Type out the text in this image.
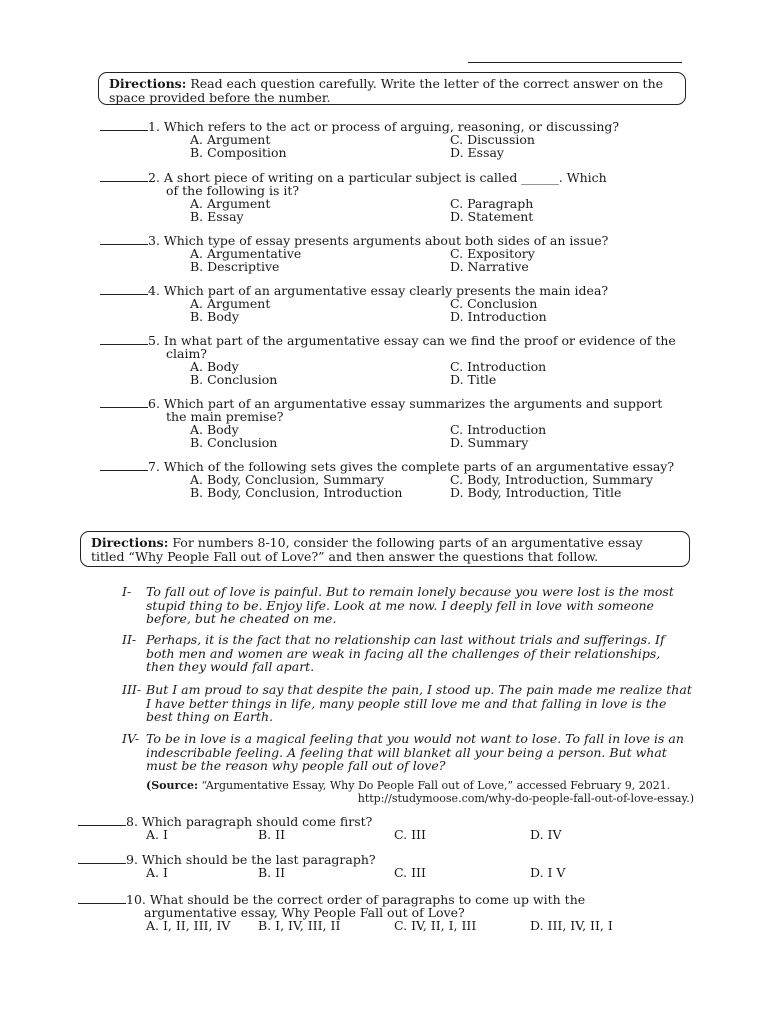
Directions: Read each question carefully. Write the letter of the correct answer on the space provided before the number.
1. Which refers to the act or process of arguing, reasoning, or discussing?
A. Argument
B. Composition
C. Discussion
D. Essay
2. A short piece of writing on a particular subject is called ______. Which
of the following is it?
A. Argument
B. Essay
C. Paragraph
D. Statement
3. Which type of essay presents arguments about both sides of an issue?
A. Argumentative
B. Descriptive
C. Expository
D. Narrative
4. Which part of an argumentative essay clearly presents the main idea?
A. Argument
B. Body
C. Conclusion
D. Introduction
5. In what part of the argumentative essay can we find the proof or evidence of the
claim?
A. Body
B. Conclusion
C. Introduction
D. Title
6. Which part of an argumentative essay summarizes the arguments and support
the main premise?
A. Body
B. Conclusion
C. Introduction
D. Summary
7. Which of the following sets gives the complete parts of an argumentative essay?
A. Body, Conclusion, Summary
B. Body, Conclusion, Introduction
C. Body, Introduction, Summary
D. Body, Introduction, Title
Directions: For numbers 8-10, consider the following parts of an argumentative essay titled “Why People Fall out of Love?” and then answer the questions that follow.
I- To fall out of love is painful. But to remain lonely because you were lost is the most stupid thing to be. Enjoy life. Look at me now. I deeply fell in love with someone before, but he cheated on me.
II- Perhaps, it is the fact that no relationship can last without trials and sufferings. If both men and women are weak in facing all the challenges of their relationships, then they would fall apart.
III- But I am proud to say that despite the pain, I stood up. The pain made me realize that I have better things in life, many people still love me and that falling in love is the best thing on Earth.
IV- To be in love is a magical feeling that you would not want to lose. To fall in love is an indescribable feeling. A feeling that will blanket all your being a person. But what must be the reason why people fall out of love?
(Source: “Argumentative Essay, Why Do People Fall out of Love,” accessed February 9, 2021.
http://studymoose.com/why-do-people-fall-out-of-love-essay.)
8. Which paragraph should come first?
A. I	B. II	C. III	D. IV
9. Which should be the last paragraph?
A. I	B. II	C. III	D. I V
10. What should be the correct order of paragraphs to come up with the
argumentative essay, Why People Fall out of Love?
A. I, II, III, IV B. I, IV, III, II	C. IV, II, I, III	D. III, IV, II, I
